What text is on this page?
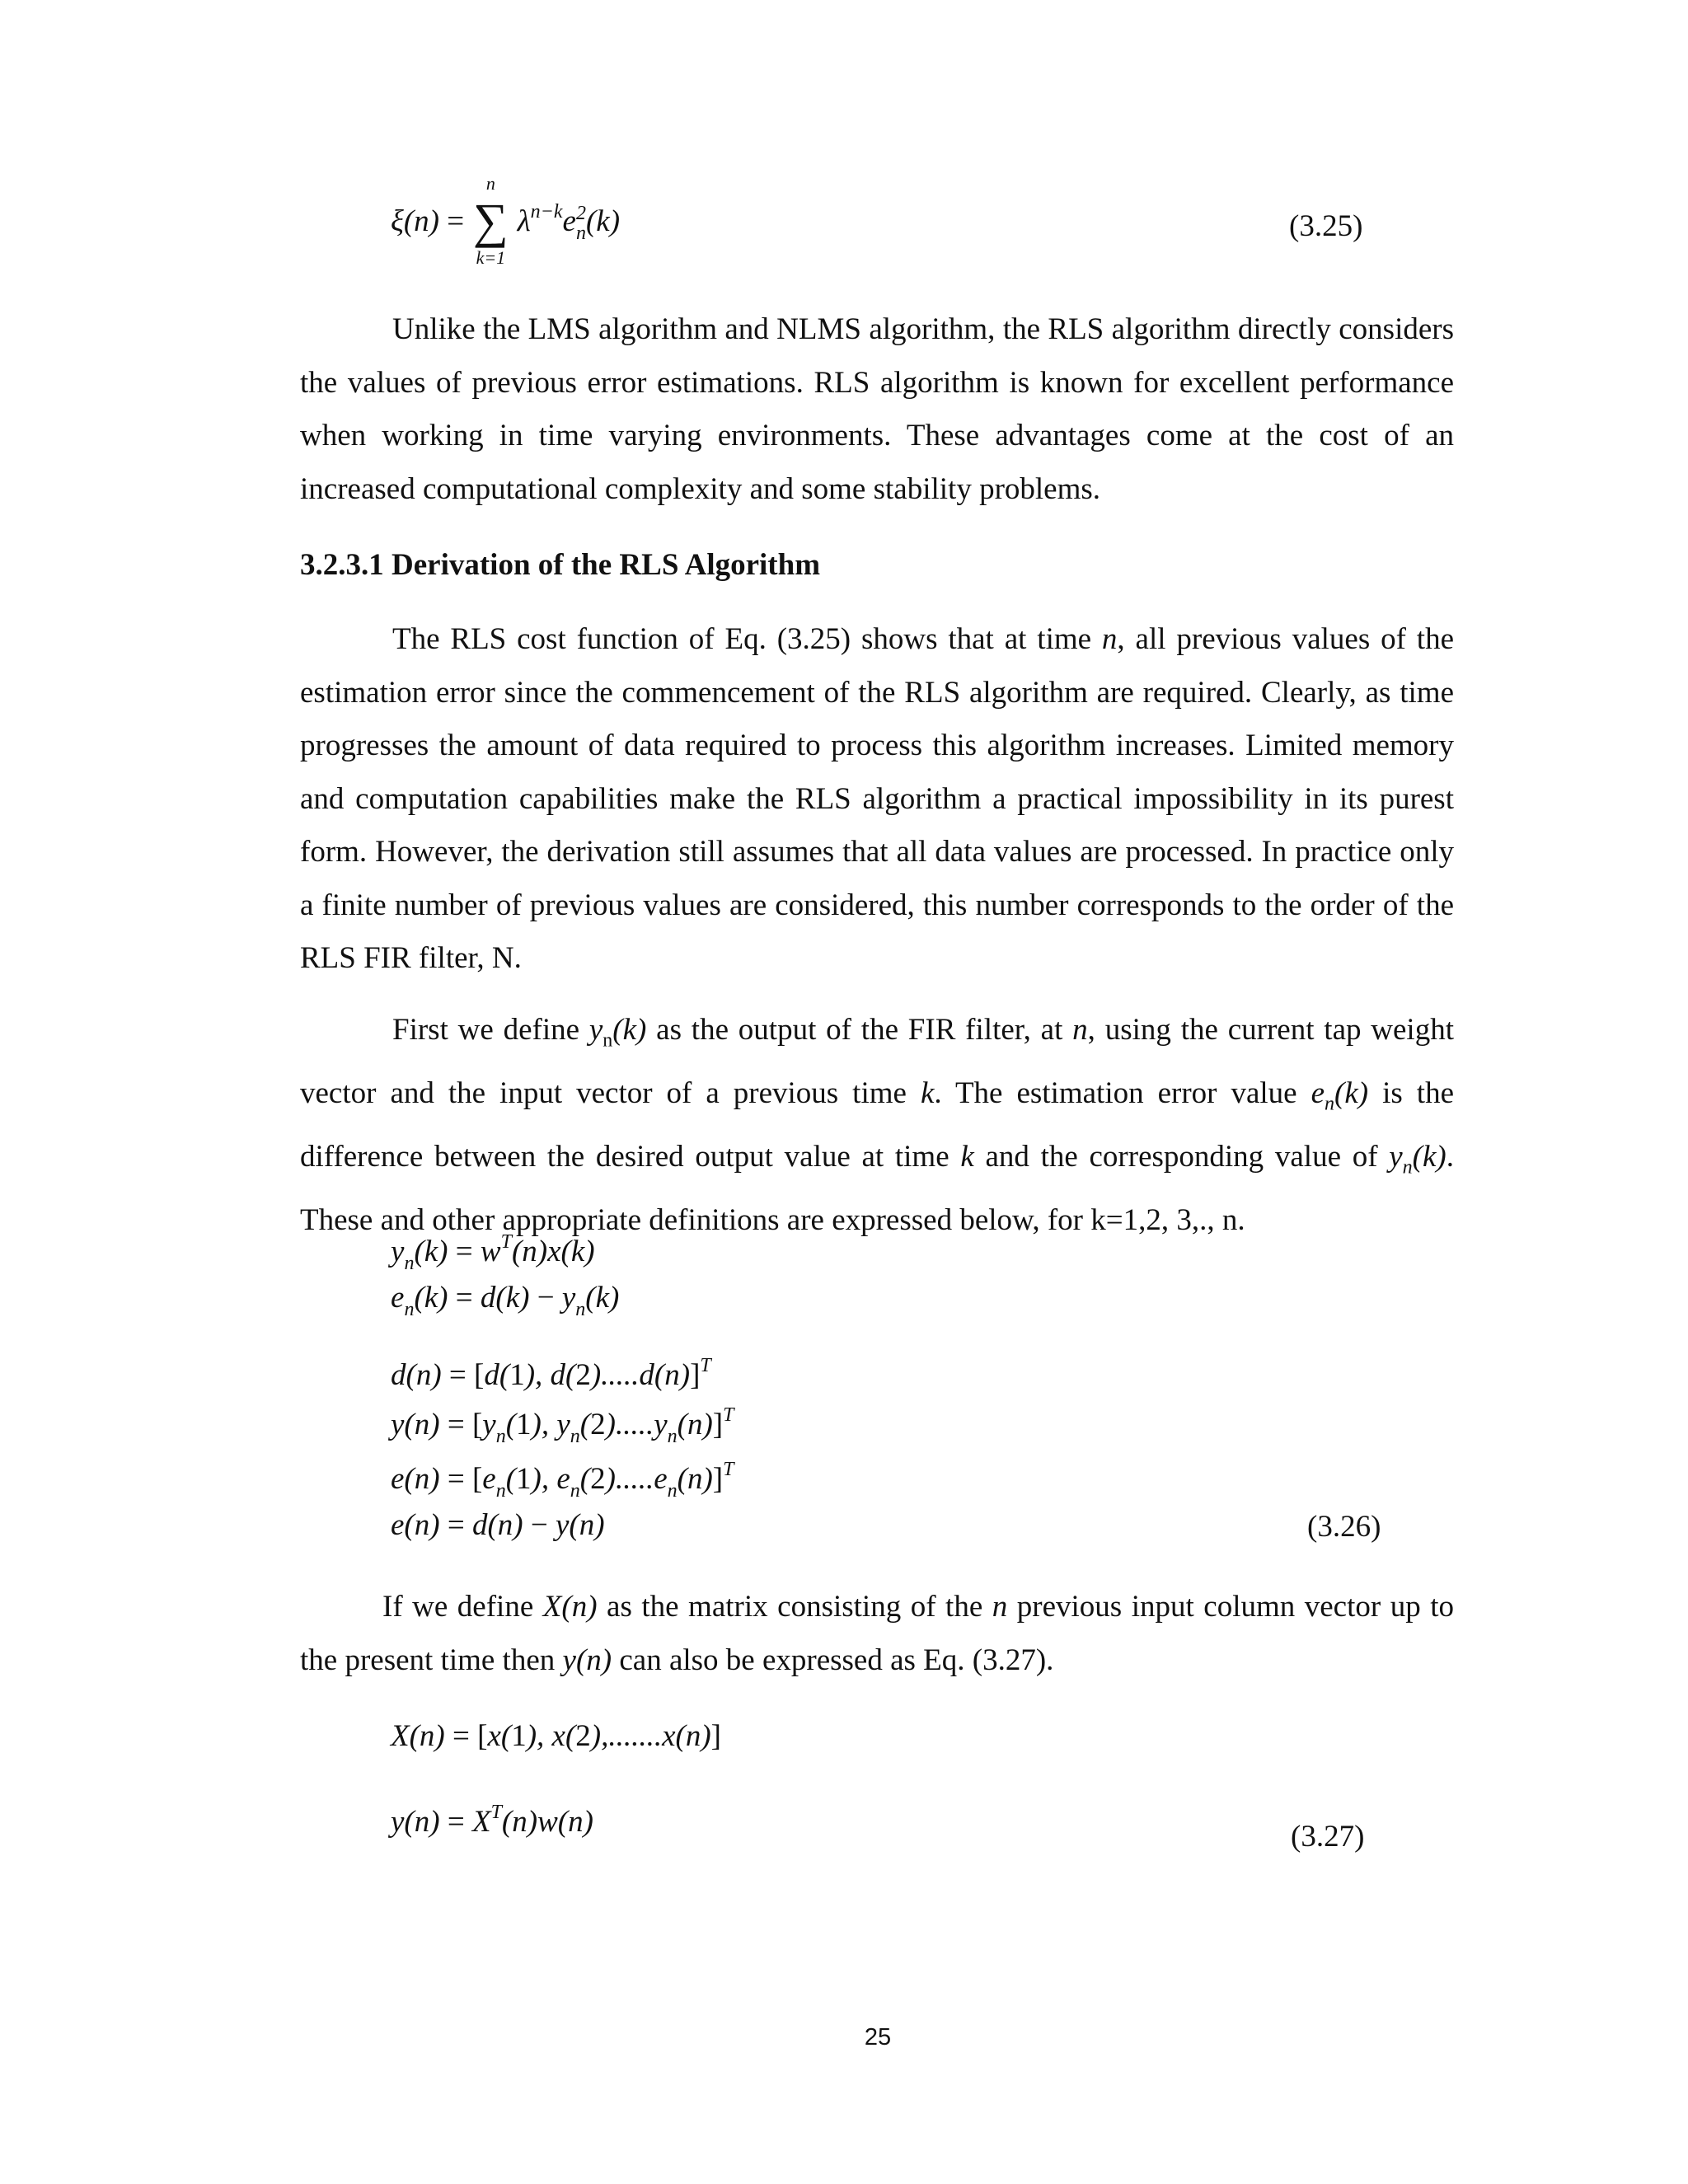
ξ(n) =
n
∑
k=1
$\lambda^{n-k}e^2_n(k)$	(3.25)

Unlike the LMS algorithm and NLMS algorithm, the RLS algorithm directly considers the values of previous error estimations. RLS algorithm is known for excellent performance when working in time varying environments. These advantages come at the cost of an increased computational complexity and some stability problems.

3.2.3.1 Derivation of the RLS Algorithm

The RLS cost function of Eq. (3.25) shows that at time n, all previous values of the estimation error since the commencement of the RLS algorithm are required. Clearly, as time progresses the amount of data required to process this algorithm increases. Limited memory and computation capabilities make the RLS algorithm a practical impossibility in its purest form. However, the derivation still assumes that all data values are processed. In practice only a finite number of previous values are considered, this number corresponds to the order of the RLS FIR filter, N.

First we define $y_n(k)$ as the output of the FIR filter, at n, using the current tap weight vector and the input vector of a previous time k. The estimation error value $e_n(k)$ is the difference between the desired output value at time k and the corresponding value of $y_n(k)$. These and other appropriate definitions are expressed below, for k=1,2, 3,., n.

$y_n(k) = w^T(n)x(k)$
$e_n(k) = d(k) - y_n(k)$
d(n) = [d(1), d(2).....d(n)]$^T$
$y(n) = [y_n(1)$, $y_n(2).....y_n(n)]^T$
$e(n) = [e_n(1)$, $e_n(2).....e_n(n)]^T$
e(n) = d(n) − y(n)	(3.26)

If we define X(n) as the matrix consisting of the n previous input column vector up to the present time then y(n) can also be expressed as Eq. (3.27).

X(n) = [x(1), x(2),.......x(n)]
$y(n) = X^T(n)w(n)$	(3.27)
25
